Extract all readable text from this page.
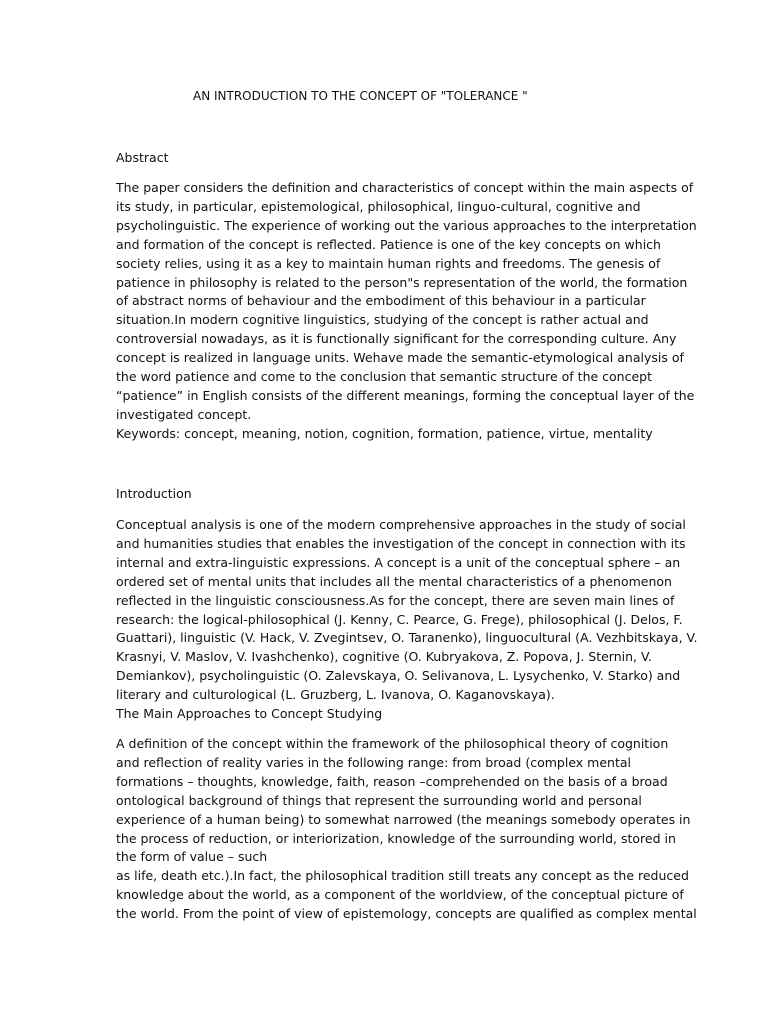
AN INTRODUCTION TO THE CONCEPT OF "TOLERANCE "
Abstract
The paper considers the definition and characteristics of concept within the main aspects of
its study, in particular, epistemological, philosophical, linguo-cultural, cognitive and
psycholinguistic. The experience of working out the various approaches to the interpretation
and formation of the concept is reflected. Patience is one of the key concepts on which
society relies, using it as a key to maintain human rights and freedoms. The genesis of
patience in philosophy is related to the person"s representation of the world, the formation
of abstract norms of behaviour and the embodiment of this behaviour in a particular
situation.In modern cognitive linguistics, studying of the concept is rather actual and
controversial nowadays, as it is functionally significant for the corresponding culture. Any
concept is realized in language units. Wehave made the semantic-etymological analysis of
the word patience and come to the conclusion that semantic structure of the concept
“patience” in English consists of the different meanings, forming the conceptual layer of the
investigated concept.
Keywords: concept, meaning, notion, cognition, formation, patience, virtue, mentality
Introduction
Conceptual analysis is one of the modern comprehensive approaches in the study of social
and humanities studies that enables the investigation of the concept in connection with its
internal and extra-linguistic expressions. A concept is a unit of the conceptual sphere – an
ordered set of mental units that includes all the mental characteristics of a phenomenon
reflected in the linguistic consciousness.As for the concept, there are seven main lines of
research: the logical-philosophical (J. Kenny, C. Pearce, G. Frege), philosophical (J. Delos, F.
Guattari), linguistic (V. Hack, V. Zvegintsev, O. Taranenko), linguocultural (A. Vezhbitskaya, V.
Krasnyi, V. Maslov, V. Ivashchenko), cognitive (O. Kubryakova, Z. Popova, J. Sternin, V.
Demiankov), psycholinguistic (O. Zalevskaya, O. Selivanova, L. Lysychenko, V. Starko) and
literary and culturological (L. Gruzberg, L. Ivanova, O. Kaganovskaya).
The Main Approaches to Concept Studying
A definition of the concept within the framework of the philosophical theory of cognition
and reflection of reality varies in the following range: from broad (complex mental
formations – thoughts, knowledge, faith, reason –comprehended on the basis of a broad
ontological background of things that represent the surrounding world and personal
experience of a human being) to somewhat narrowed (the meanings somebody operates in
the process of reduction, or interiorization, knowledge of the surrounding world, stored in
the form of value – such
as life, death etc.).In fact, the philosophical tradition still treats any concept as the reduced
knowledge about the world, as a component of the worldview, of the conceptual picture of
the world. From the point of view of epistemology, concepts are qualified as complex mental
